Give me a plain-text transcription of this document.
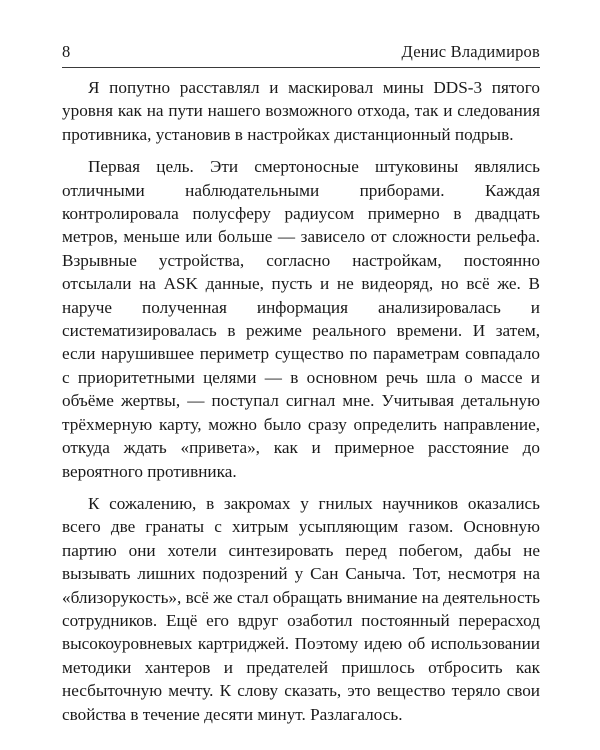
8	Денис Владимиров

Я попутно расставлял и маскировал мины DDS-3 пятого уровня как на пути нашего возможного отхода, так и следования противника, установив в настройках дистанционный подрыв.

Первая цель. Эти смертоносные штуковины являлись отличными наблюдательными приборами. Каждая контролировала полусферу радиусом примерно в двадцать метров, меньше или больше — зависело от сложности рельефа. Взрывные устройства, согласно настройкам, постоянно отсылали на ASK данные, пусть и не видеоряд, но всё же. В наруче полученная информация анализировалась и систематизировалась в режиме реального времени. И затем, если нарушившее периметр существо по параметрам совпадало с приоритетными целями — в основном речь шла о массе и объёме жертвы, — поступал сигнал мне. Учитывая детальную трёхмерную карту, можно было сразу определить направление, откуда ждать «привета», как и примерное расстояние до вероятного противника.

К сожалению, в закромах у гнилых научников оказались всего две гранаты с хитрым усыпляющим газом. Основную партию они хотели синтезировать перед побегом, дабы не вызывать лишних подозрений у Сан Саныча. Тот, несмотря на «близорукость», всё же стал обращать внимание на деятельность сотрудников. Ещё его вдруг озаботил постоянный перерасход высокоуровневых картриджей. Поэтому идею об использовании методики хантеров и предателей пришлось отбросить как несбыточную мечту. К слову сказать, это вещество теряло свои свойства в течение десяти минут. Разлагалось.
